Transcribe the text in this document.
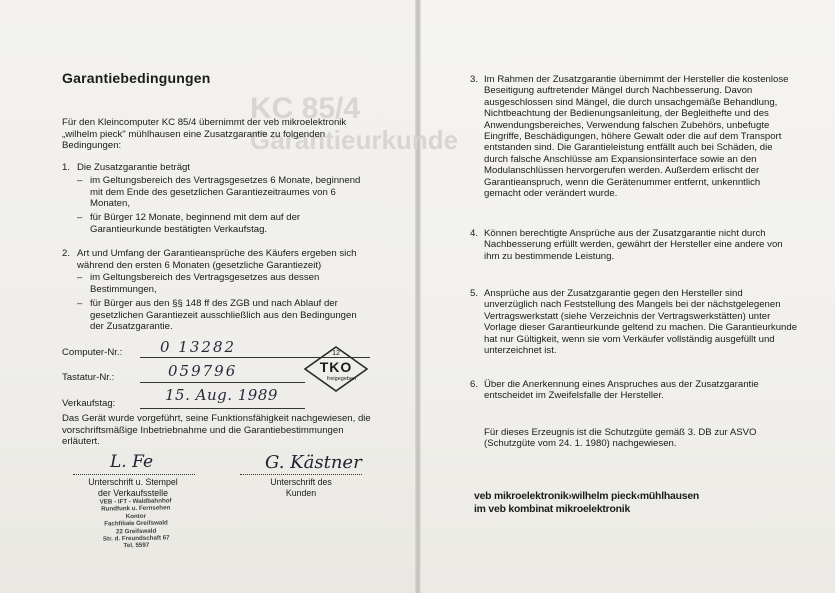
KC 85/4
Garantieurkunde
Garantiebedingungen
Für den Kleincomputer KC 85/4 übernimmt der veb mikroelektronik „wilhelm pieck" mühlhausen eine Zusatzgarantie zu folgenden Bedingungen:
1. Die Zusatzgarantie beträgt
– im Geltungsbereich des Vertragsgesetzes 6 Monate, beginnend mit dem Ende des gesetzlichen Garantiezeitraumes von 6 Monaten,
– für Bürger 12 Monate, beginnend mit dem auf der Garantieurkunde bestätigten Verkaufstag.
2. Art und Umfang der Garantieansprüche des Käufers ergeben sich während den ersten 6 Monaten (gesetzliche Garantiezeit)
– im Geltungsbereich des Vertragsgesetzes aus dessen Bestimmungen,
– für Bürger aus den §§ 148 ff des ZGB und nach Ablauf der gesetzlichen Garantiezeit ausschließlich aus den Bedingungen der Zusatzgarantie.
Computer-Nr.:	0 13282
Tastatur-Nr.:	059796
Verkaufstag:	15. Aug. 1989
12
TKO
freigegeben
Das Gerät wurde vorgeführt, seine Funktionsfähigkeit nachgewiesen, die vorschriftsmäßige Inbetriebnahme und die Garantiebestimmungen erläutert.
L. Fe
Unterschrift u. Stempel
der Verkaufsstelle
VEB - IFT - Waldbahnhof
Rundfunk u. Fernsehen Kontor
Fachfiliale Greifswald
22 Greifswald
Str. d. Freundschaft 67
Tel. 5597
G. Kästner
Unterschrift des
Kunden
3. Im Rahmen der Zusatzgarantie übernimmt der Hersteller die kostenlose Beseitigung auftretender Mängel durch Nachbesserung. Davon ausgeschlossen sind Mängel, die durch unsachgemäße Behandlung, Nichtbeachtung der Bedienungsanleitung, der Begleithefte und des Anwendungsbereiches, Verwendung falschen Zubehörs, unbefugte Eingriffe, Beschädigungen, höhere Gewalt oder die auf dem Transport entstanden sind. Die Garantieleistung entfällt auch bei Schäden, die durch falsche Anschlüsse am Expansionsinterface sowie an den Modulanschlüssen hervorgerufen werden. Außerdem erlischt der Garantieanspruch, wenn die Gerätenummer entfernt, unkenntlich gemacht oder verändert wurde.
4. Können berechtigte Ansprüche aus der Zusatzgarantie nicht durch Nachbesserung erfüllt werden, gewährt der Hersteller eine andere von ihm zu bestimmende Leistung.
5. Ansprüche aus der Zusatzgarantie gegen den Hersteller sind unverzüglich nach Feststellung des Mangels bei der nächstgelegenen Vertragswerkstatt (siehe Verzeichnis der Vertragswerkstätten) unter Vorlage dieser Garantieurkunde geltend zu machen. Die Garantieurkunde hat nur Gültigkeit, wenn sie vom Verkäufer vollständig ausgefüllt und unterzeichnet ist.
6. Über die Anerkennung eines Anspruches aus der Zusatzgarantie entscheidet im Zweifelsfalle der Hersteller.
Für dieses Erzeugnis ist die Schutzgüte gemäß 3. DB zur ASVO (Schutzgüte vom 24. 1. 1980) nachgewiesen.
veb mikroelektronik›wilhelm pieck‹mühlhausen
im veb kombinat mikroelektronik
